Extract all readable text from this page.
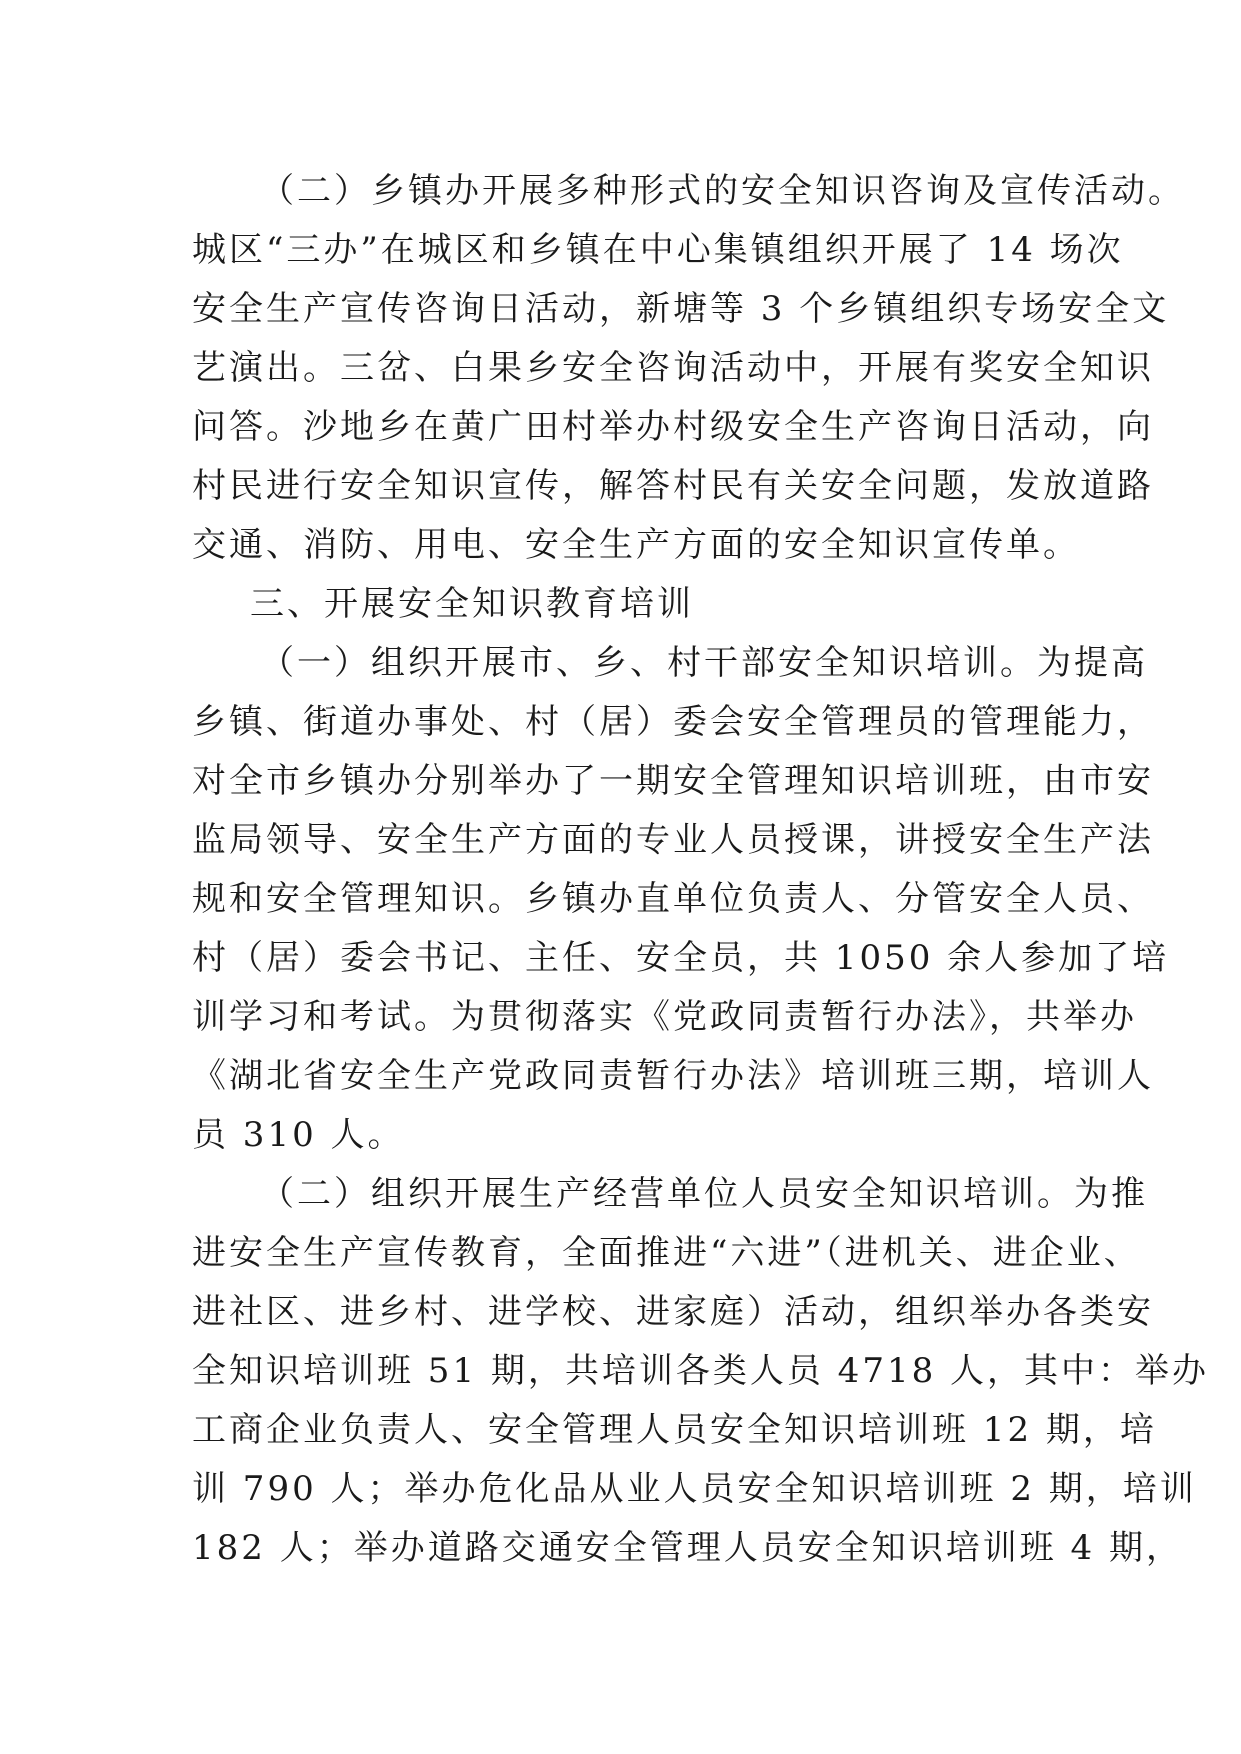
（二）乡镇办开展多种形式的安全知识咨询及宣传活动。
城区“三办”在城区和乡镇在中心集镇组织开展了 14 场次
安全生产宣传咨询日活动，新塘等 3 个乡镇组织专场安全文
艺演出。三岔、白果乡安全咨询活动中，开展有奖安全知识
问答。沙地乡在黄广田村举办村级安全生产咨询日活动，向
村民进行安全知识宣传，解答村民有关安全问题，发放道路
交通、消防、用电、安全生产方面的安全知识宣传单。
三、开展安全知识教育培训
（一）组织开展市、乡、村干部安全知识培训。为提高
乡镇、街道办事处、村（居）委会安全管理员的管理能力，
对全市乡镇办分别举办了一期安全管理知识培训班，由市安
监局领导、安全生产方面的专业人员授课，讲授安全生产法
规和安全管理知识。乡镇办直单位负责人、分管安全人员、
村（居）委会书记、主任、安全员，共 1050 余人参加了培
训学习和考试。为贯彻落实《党政同责暂行办法》，共举办
《湖北省安全生产党政同责暂行办法》培训班三期，培训人
员 310 人。
（二）组织开展生产经营单位人员安全知识培训。为推
进安全生产宣传教育，全面推进“六进”（进机关、进企业、
进社区、进乡村、进学校、进家庭）活动，组织举办各类安
全知识培训班 51 期，共培训各类人员 4718 人，其中：举办
工商企业负责人、安全管理人员安全知识培训班 12 期，培
训 790 人；举办危化品从业人员安全知识培训班 2 期，培训
182 人；举办道路交通安全管理人员安全知识培训班 4 期，
